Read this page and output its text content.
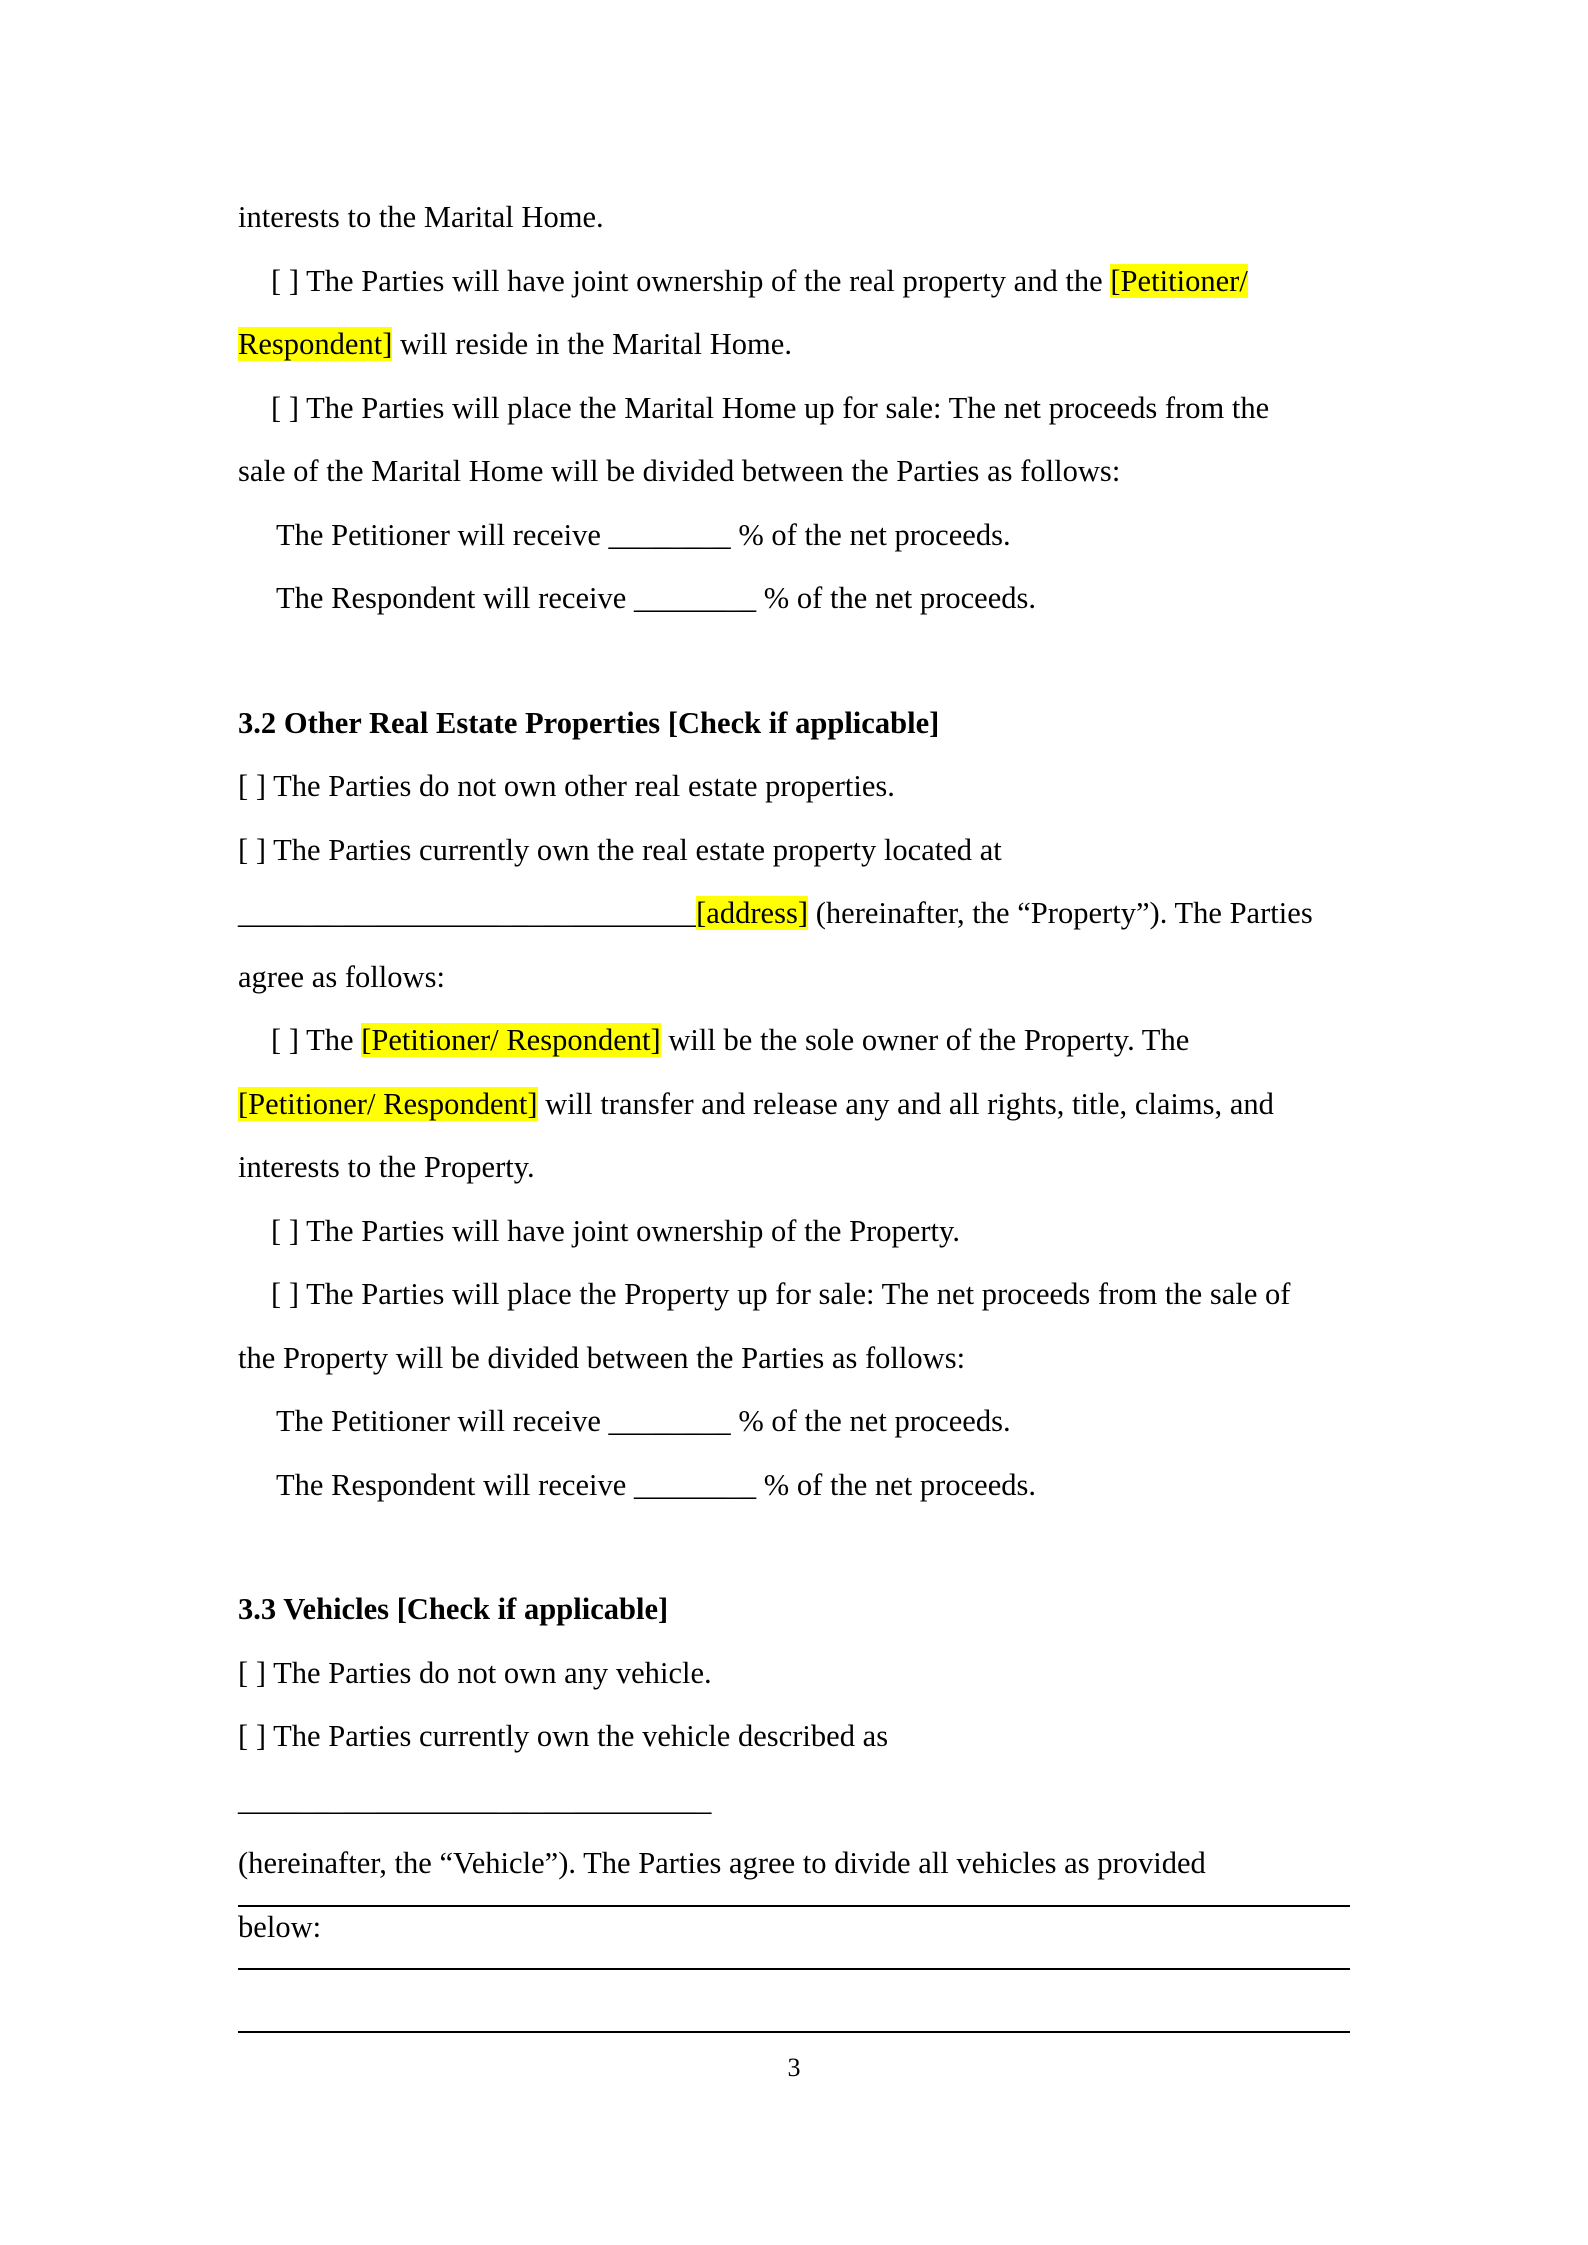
interests to the Marital Home.

[ ] The Parties will have joint ownership of the real property and the [Petitioner/

Respondent] will reside in the Marital Home.

[ ] The Parties will place the Marital Home up for sale: The net proceeds from the

sale of the Marital Home will be divided between the Parties as follows:

The Petitioner will receive ________ % of the net proceeds.

The Respondent will receive ________ % of the net proceeds.

3.2 Other Real Estate Properties [Check if applicable]

[ ] The Parties do not own other real estate properties.

[ ] The Parties currently own the real estate property located at

______________________________[address] (hereinafter, the “Property”). The Parties

agree as follows:

[ ] The [Petitioner/ Respondent] will be the sole owner of the Property. The

[Petitioner/ Respondent] will transfer and release any and all rights, title, claims, and

interests to the Property.

[ ] The Parties will have joint ownership of the Property.

[ ] The Parties will place the Property up for sale: The net proceeds from the sale of

the Property will be divided between the Parties as follows:

The Petitioner will receive ________ % of the net proceeds.

The Respondent will receive ________ % of the net proceeds.

3.3 Vehicles [Check if applicable]

[ ] The Parties do not own any vehicle.

[ ] The Parties currently own the vehicle described as _______________________________

(hereinafter, the “Vehicle”). The Parties agree to divide all vehicles as provided

below:

3
